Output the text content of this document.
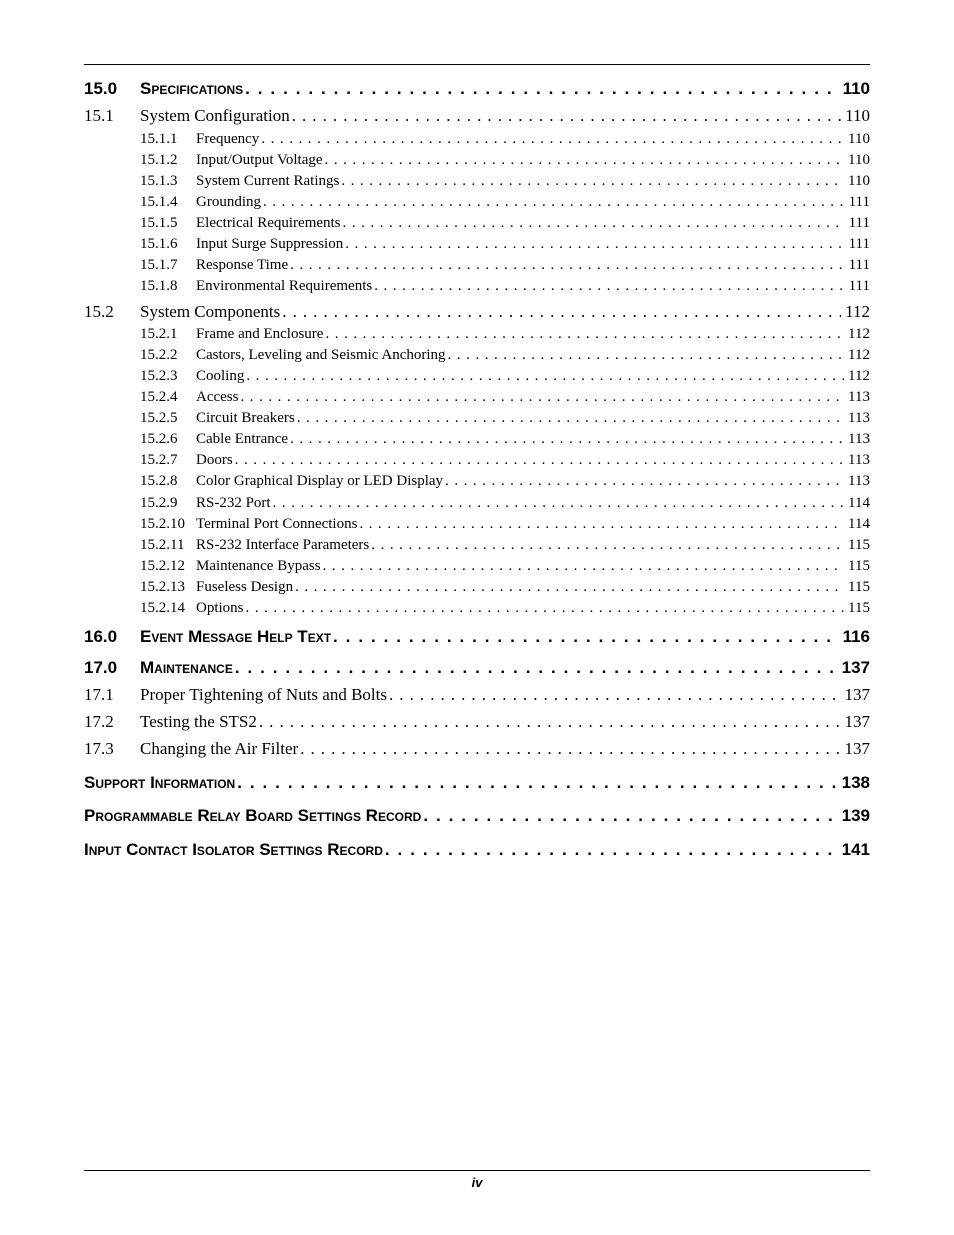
15.0	Specifications . . .	110
15.1	System Configuration . . .	110
15.1.1	Frequency . . .	110
15.1.2	Input/Output Voltage . . .	110
15.1.3	System Current Ratings . . .	110
15.1.4	Grounding . . .	111
15.1.5	Electrical Requirements . . .	111
15.1.6	Input Surge Suppression . . .	111
15.1.7	Response Time . . .	111
15.1.8	Environmental Requirements . . .	111
15.2	System Components . . .	112
15.2.1	Frame and Enclosure . . .	112
15.2.2	Castors, Leveling and Seismic Anchoring . . .	112
15.2.3	Cooling . . .	112
15.2.4	Access . . .	113
15.2.5	Circuit Breakers . . .	113
15.2.6	Cable Entrance . . .	113
15.2.7	Doors . . .	113
15.2.8	Color Graphical Display or LED Display . . .	113
15.2.9	RS-232 Port . . .	114
15.2.10 Terminal Port Connections . . .	114
15.2.11 RS-232 Interface Parameters . . .	115
15.2.12 Maintenance Bypass . . .	115
15.2.13 Fuseless Design . . .	115
15.2.14 Options . . .	115
16.0	Event Message Help Text . . .	116
17.0	Maintenance . . .	137
17.1	Proper Tightening of Nuts and Bolts . . .	137
17.2	Testing the STS2 . . .	137
17.3	Changing the Air Filter . . .	137
Support Information . . .	138
Programmable Relay Board Settings Record . . .	139
Input Contact Isolator Settings Record . . .	141
iv
